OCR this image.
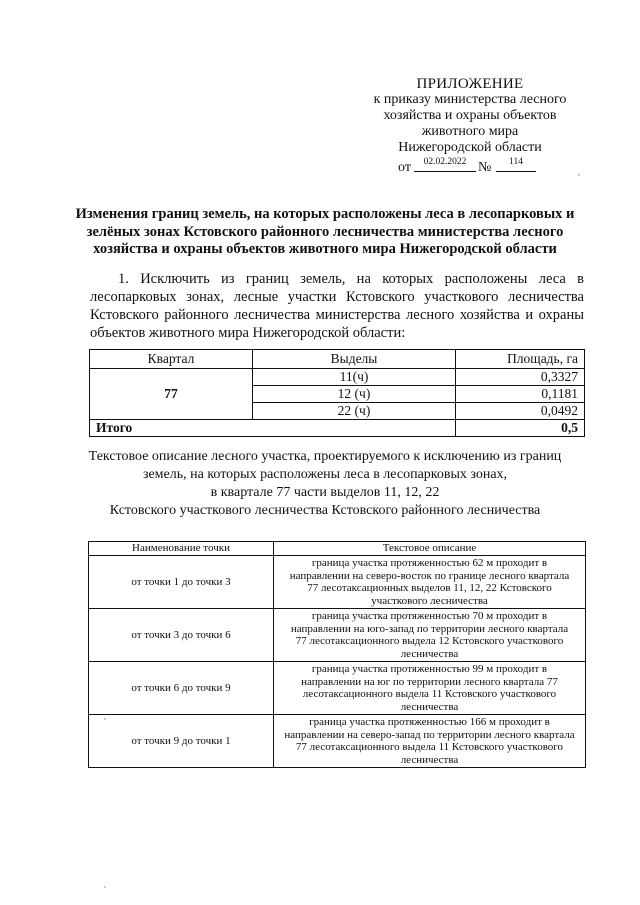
ПРИЛОЖЕНИЕ
к приказу министерства лесного
хозяйства и охраны объектов
животного мира
Нижегородской области
от	02.02.2022 №	114
Изменения границ земель, на которых расположены леса в лесопарковых и зелёных зонах Кстовского районного лесничества министерства лесного хозяйства и охраны объектов животного мира Нижегородской области
1. Исключить из границ земель, на которых расположены леса в лесопарковых зонах, лесные участки Кстовского участкового лесничества Кстовского районного лесничества министерства лесного хозяйства и охраны объектов животного мира Нижегородской области:
Квартал	Выделы	Площадь, га
77	11(ч)	0,3327
	12 (ч)	0,1181
	22 (ч)	0,0492
Итого		0,5
Текстовое описание лесного участка, проектируемого к исключению из границ
земель, на которых расположены леса в лесопарковых зонах,
в квартале 77 части выделов 11, 12, 22
Кстовского участкового лесничества Кстовского районного лесничества
Наименование точки	Текстовое описание
от точки 1 до точки 3	граница участка протяженностью 62 м проходит в направлении на северо-восток по границе лесного квартала 77 лесотаксационных выделов 11, 12, 22 Кстовского участкового лесничества
от точки 3 до точки 6	граница участка протяженностью 70 м проходит в направлении на юго-запад по территории лесного квартала 77 лесотаксационного выдела 12 Кстовского участкового лесничества
от точки 6 до точки 9	граница участка протяженностью 99 м проходит в направлении на юг по территории лесного квартала 77 лесотаксационного выдела 11 Кстовского участкового лесничества
от точки 9 до точки 1	граница участка протяженностью 166 м проходит в направлении на северо-запад по территории лесного квартала 77 лесотаксационного выдела 11 Кстовского участкового лесничества
,
,
,
